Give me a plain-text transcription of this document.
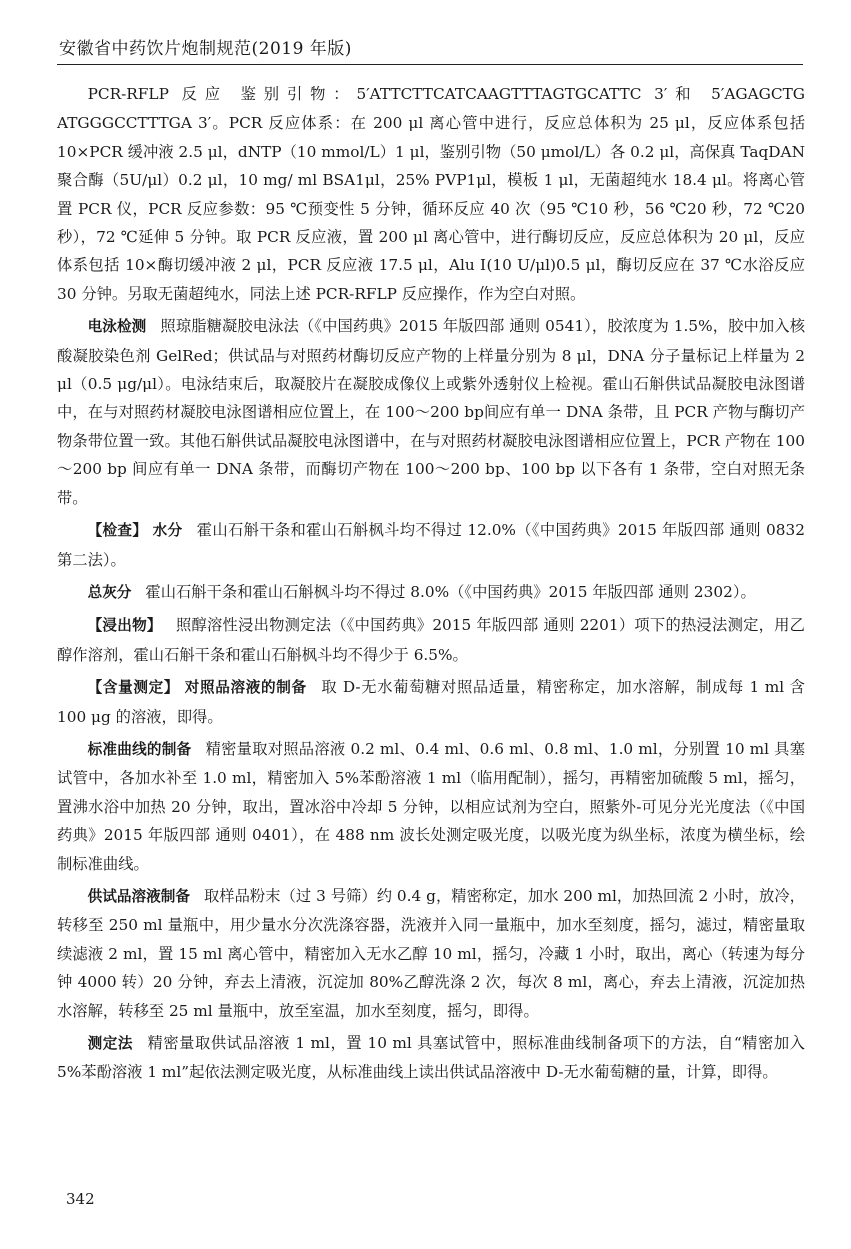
安徽省中药饮片炮制规范(2019 年版)

PCR-RFLP 反应 鉴别引物：5′ATTCTTCATCAAGTTTAGTGCATTC 3′和 5′AGAGCTG ATGGGCCTTTGA 3′。PCR 反应体系：在 200 μl 离心管中进行，反应总体积为 25 μl，反应体系包括 10×PCR 缓冲液 2.5 μl，dNTP（10 mmol/L）1 μl，鉴别引物（50 μmol/L）各 0.2 μl，高保真 TaqDAN 聚合酶（5U/μl）0.2 μl，10 mg/ ml BSA1μl，25% PVP1μl，模板 1 μl，无菌超纯水 18.4 μl。将离心管置 PCR 仪，PCR 反应参数：95 ℃预变性 5 分钟，循环反应 40 次（95 ℃10 秒，56 ℃20 秒，72 ℃20 秒），72 ℃延伸 5 分钟。取 PCR 反应液，置 200 μl 离心管中，进行酶切反应，反应总体积为 20 μl，反应体系包括 10×酶切缓冲液 2 μl，PCR 反应液 17.5 μl，Alu Ⅰ(10 U/μl)0.5 μl，酶切反应在 37 ℃水浴反应 30 分钟。另取无菌超纯水，同法上述 PCR-RFLP 反应操作，作为空白对照。

电泳检测 照琼脂糖凝胶电泳法（《中国药典》2015 年版四部 通则 0541），胶浓度为 1.5%，胶中加入核酸凝胶染色剂 GelRed；供试品与对照药材酶切反应产物的上样量分别为 8 μl，DNA 分子量标记上样量为 2 μl（0.5 μg/μl）。电泳结束后，取凝胶片在凝胶成像仪上或紫外透射仪上检视。霍山石斛供试品凝胶电泳图谱中，在与对照药材凝胶电泳图谱相应位置上，在 100～200 bp间应有单一 DNA 条带，且 PCR 产物与酶切产物条带位置一致。其他石斛供试品凝胶电泳图谱中，在与对照药材凝胶电泳图谱相应位置上，PCR 产物在 100～200 bp 间应有单一 DNA 条带，而酶切产物在 100～200 bp、100 bp 以下各有 1 条带，空白对照无条带。

【检查】 水分 霍山石斛干条和霍山石斛枫斗均不得过 12.0%（《中国药典》2015 年版四部 通则 0832 第二法）。

总灰分 霍山石斛干条和霍山石斛枫斗均不得过 8.0%（《中国药典》2015 年版四部 通则 2302）。

【浸出物】 照醇溶性浸出物测定法（《中国药典》2015 年版四部 通则 2201）项下的热浸法测定，用乙醇作溶剂，霍山石斛干条和霍山石斛枫斗均不得少于 6.5%。

【含量测定】 对照品溶液的制备 取 D-无水葡萄糖对照品适量，精密称定，加水溶解，制成每 1 ml 含 100 μg 的溶液，即得。

标准曲线的制备 精密量取对照品溶液 0.2 ml、0.4 ml、0.6 ml、0.8 ml、1.0 ml，分别置 10 ml 具塞试管中，各加水补至 1.0 ml，精密加入 5%苯酚溶液 1 ml（临用配制），摇匀，再精密加硫酸 5 ml，摇匀，置沸水浴中加热 20 分钟，取出，置冰浴中冷却 5 分钟，以相应试剂为空白，照紫外-可见分光光度法（《中国药典》2015 年版四部 通则 0401），在 488 nm 波长处测定吸光度，以吸光度为纵坐标，浓度为横坐标，绘制标准曲线。

供试品溶液制备 取样品粉末（过 3 号筛）约 0.4 g，精密称定，加水 200 ml，加热回流 2 小时，放冷，转移至 250 ml 量瓶中，用少量水分次洗涤容器，洗液并入同一量瓶中，加水至刻度，摇匀，滤过，精密量取续滤液 2 ml，置 15 ml 离心管中，精密加入无水乙醇 10 ml，摇匀，冷藏 1 小时，取出，离心（转速为每分钟 4000 转）20 分钟，弃去上清液，沉淀加 80%乙醇洗涤 2 次，每次 8 ml，离心，弃去上清液，沉淀加热水溶解，转移至 25 ml 量瓶中，放至室温，加水至刻度，摇匀，即得。

测定法 精密量取供试品溶液 1 ml，置 10 ml 具塞试管中，照标准曲线制备项下的方法，自“精密加入 5%苯酚溶液 1 ml”起依法测定吸光度，从标准曲线上读出供试品溶液中 D-无水葡萄糖的量，计算，即得。

342
